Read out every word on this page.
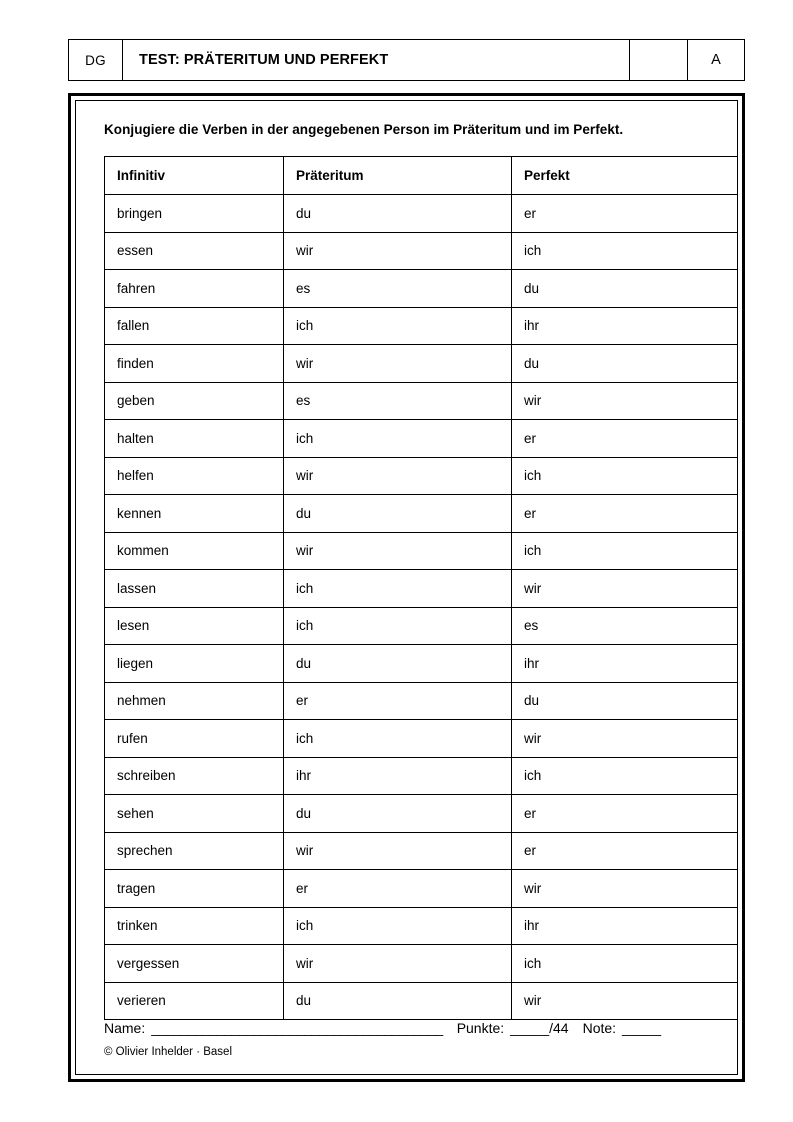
DG TEST: PRÄTERITUM UND PERFEKT	A
Konjugiere die Verben in der angegebenen Person im Präteritum und im Perfekt.
Infinitiv	Präteritum	Perfekt
bringen	du	er
essen	wir	ich
fahren	es	du
fallen	ich	ihr
finden	wir	du
geben	es	wir
halten	ich	er
helfen	wir	ich
kennen	du	er
kommen	wir	ich
lassen	ich	wir
lesen	ich	es
liegen	du	ihr
nehmen	er	du
rufen	ich	wir
schreiben	ihr	ich
sehen	du	er
sprechen	wir	er
tragen	er	wir
trinken	ich	ihr
vergessen	wir	ich
verieren	du	wir
Name: ________________________________________ Punkte: _____/44 Note: _____
© Olivier Inhelder · Basel
